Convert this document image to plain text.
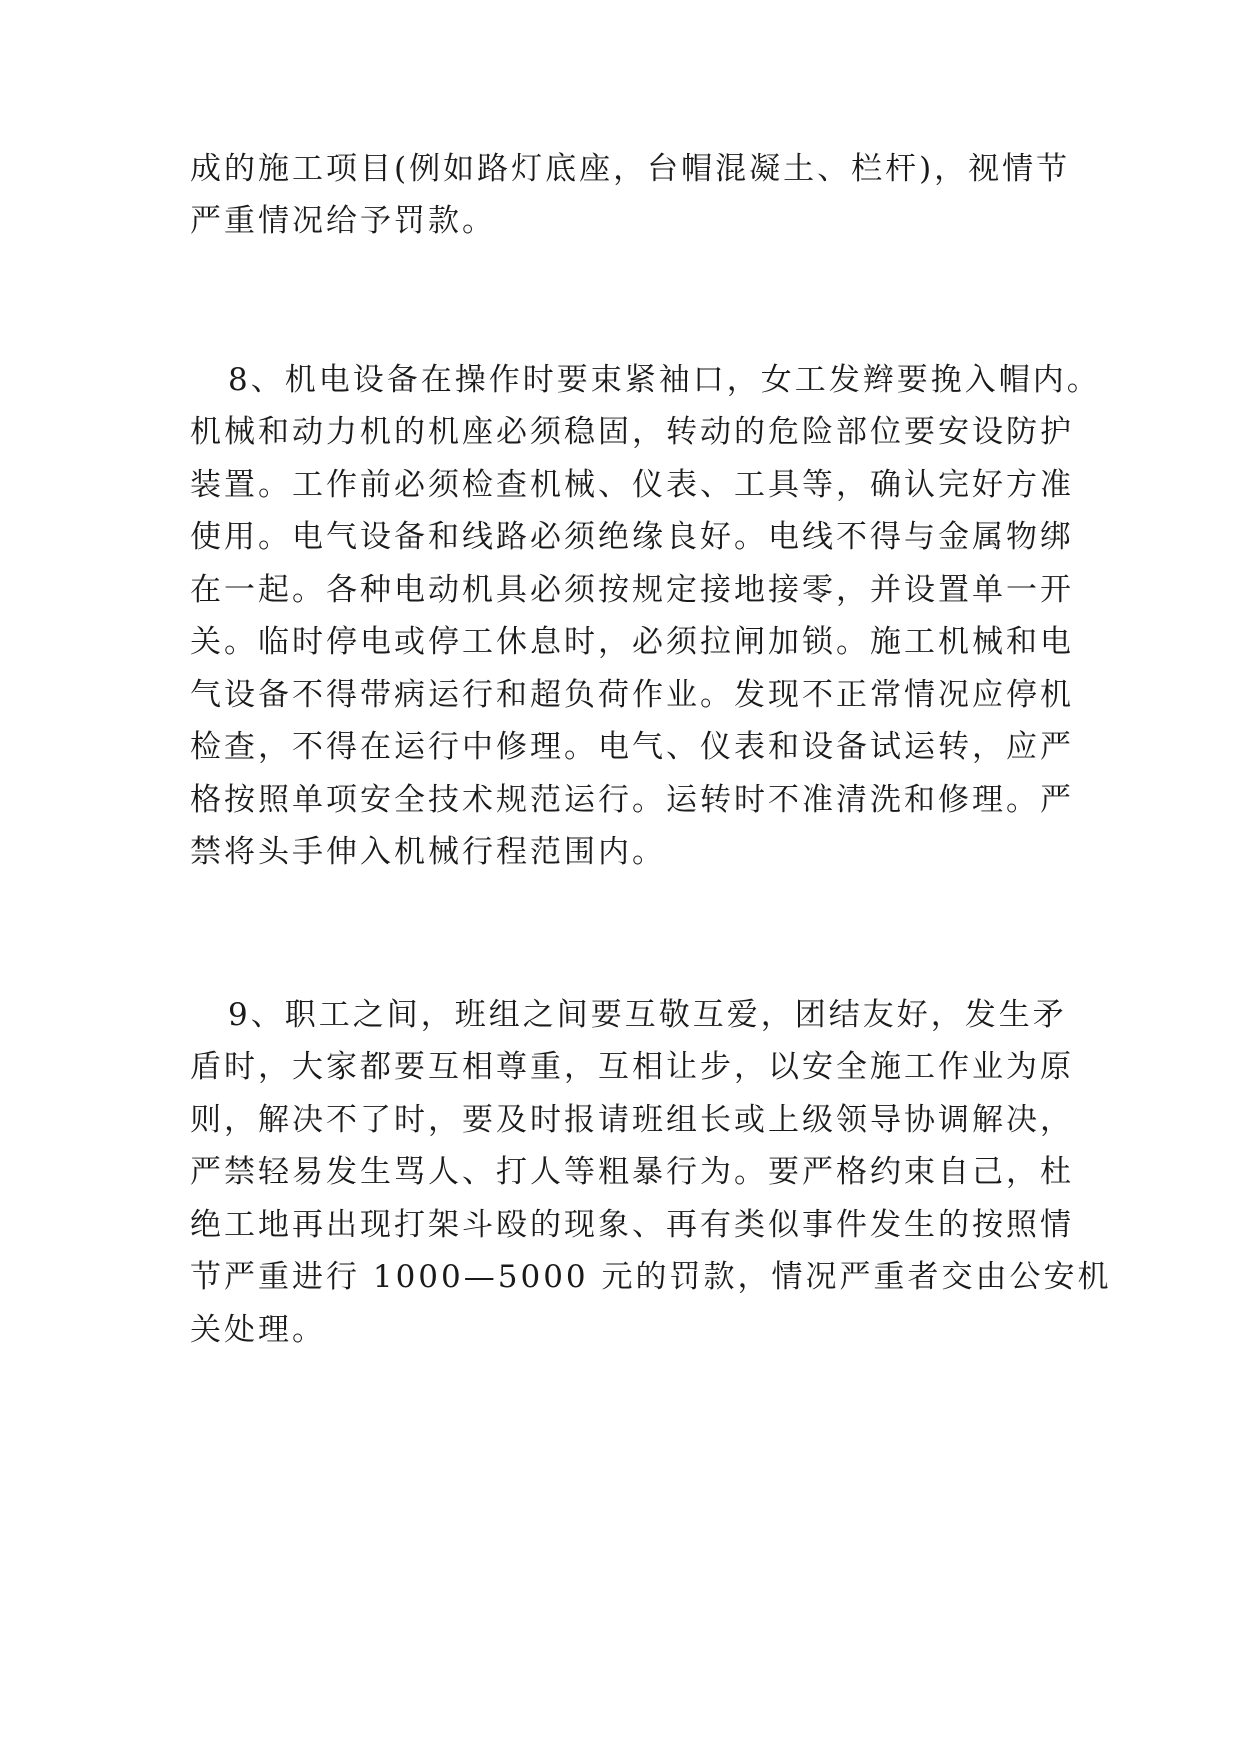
成的施工项目(例如路灯底座，台帽混凝土、栏杆)，视情节
严重情况给予罚款。
8、机电设备在操作时要束紧袖口，女工发辫要挽入帽内。
机械和动力机的机座必须稳固，转动的危险部位要安设防护
装置。工作前必须检查机械、仪表、工具等，确认完好方准
使用。电气设备和线路必须绝缘良好。电线不得与金属物绑
在一起。各种电动机具必须按规定接地接零，并设置单一开
关。临时停电或停工休息时，必须拉闸加锁。施工机械和电
气设备不得带病运行和超负荷作业。发现不正常情况应停机
检查，不得在运行中修理。电气、仪表和设备试运转，应严
格按照单项安全技术规范运行。运转时不准清洗和修理。严
禁将头手伸入机械行程范围内。
9、职工之间，班组之间要互敬互爱，团结友好，发生矛
盾时，大家都要互相尊重，互相让步，以安全施工作业为原
则，解决不了时，要及时报请班组长或上级领导协调解决，
严禁轻易发生骂人、打人等粗暴行为。要严格约束自己，杜
绝工地再出现打架斗殴的现象、再有类似事件发生的按照情
节严重进行 1000—5000 元的罚款，情况严重者交由公安机
关处理。
